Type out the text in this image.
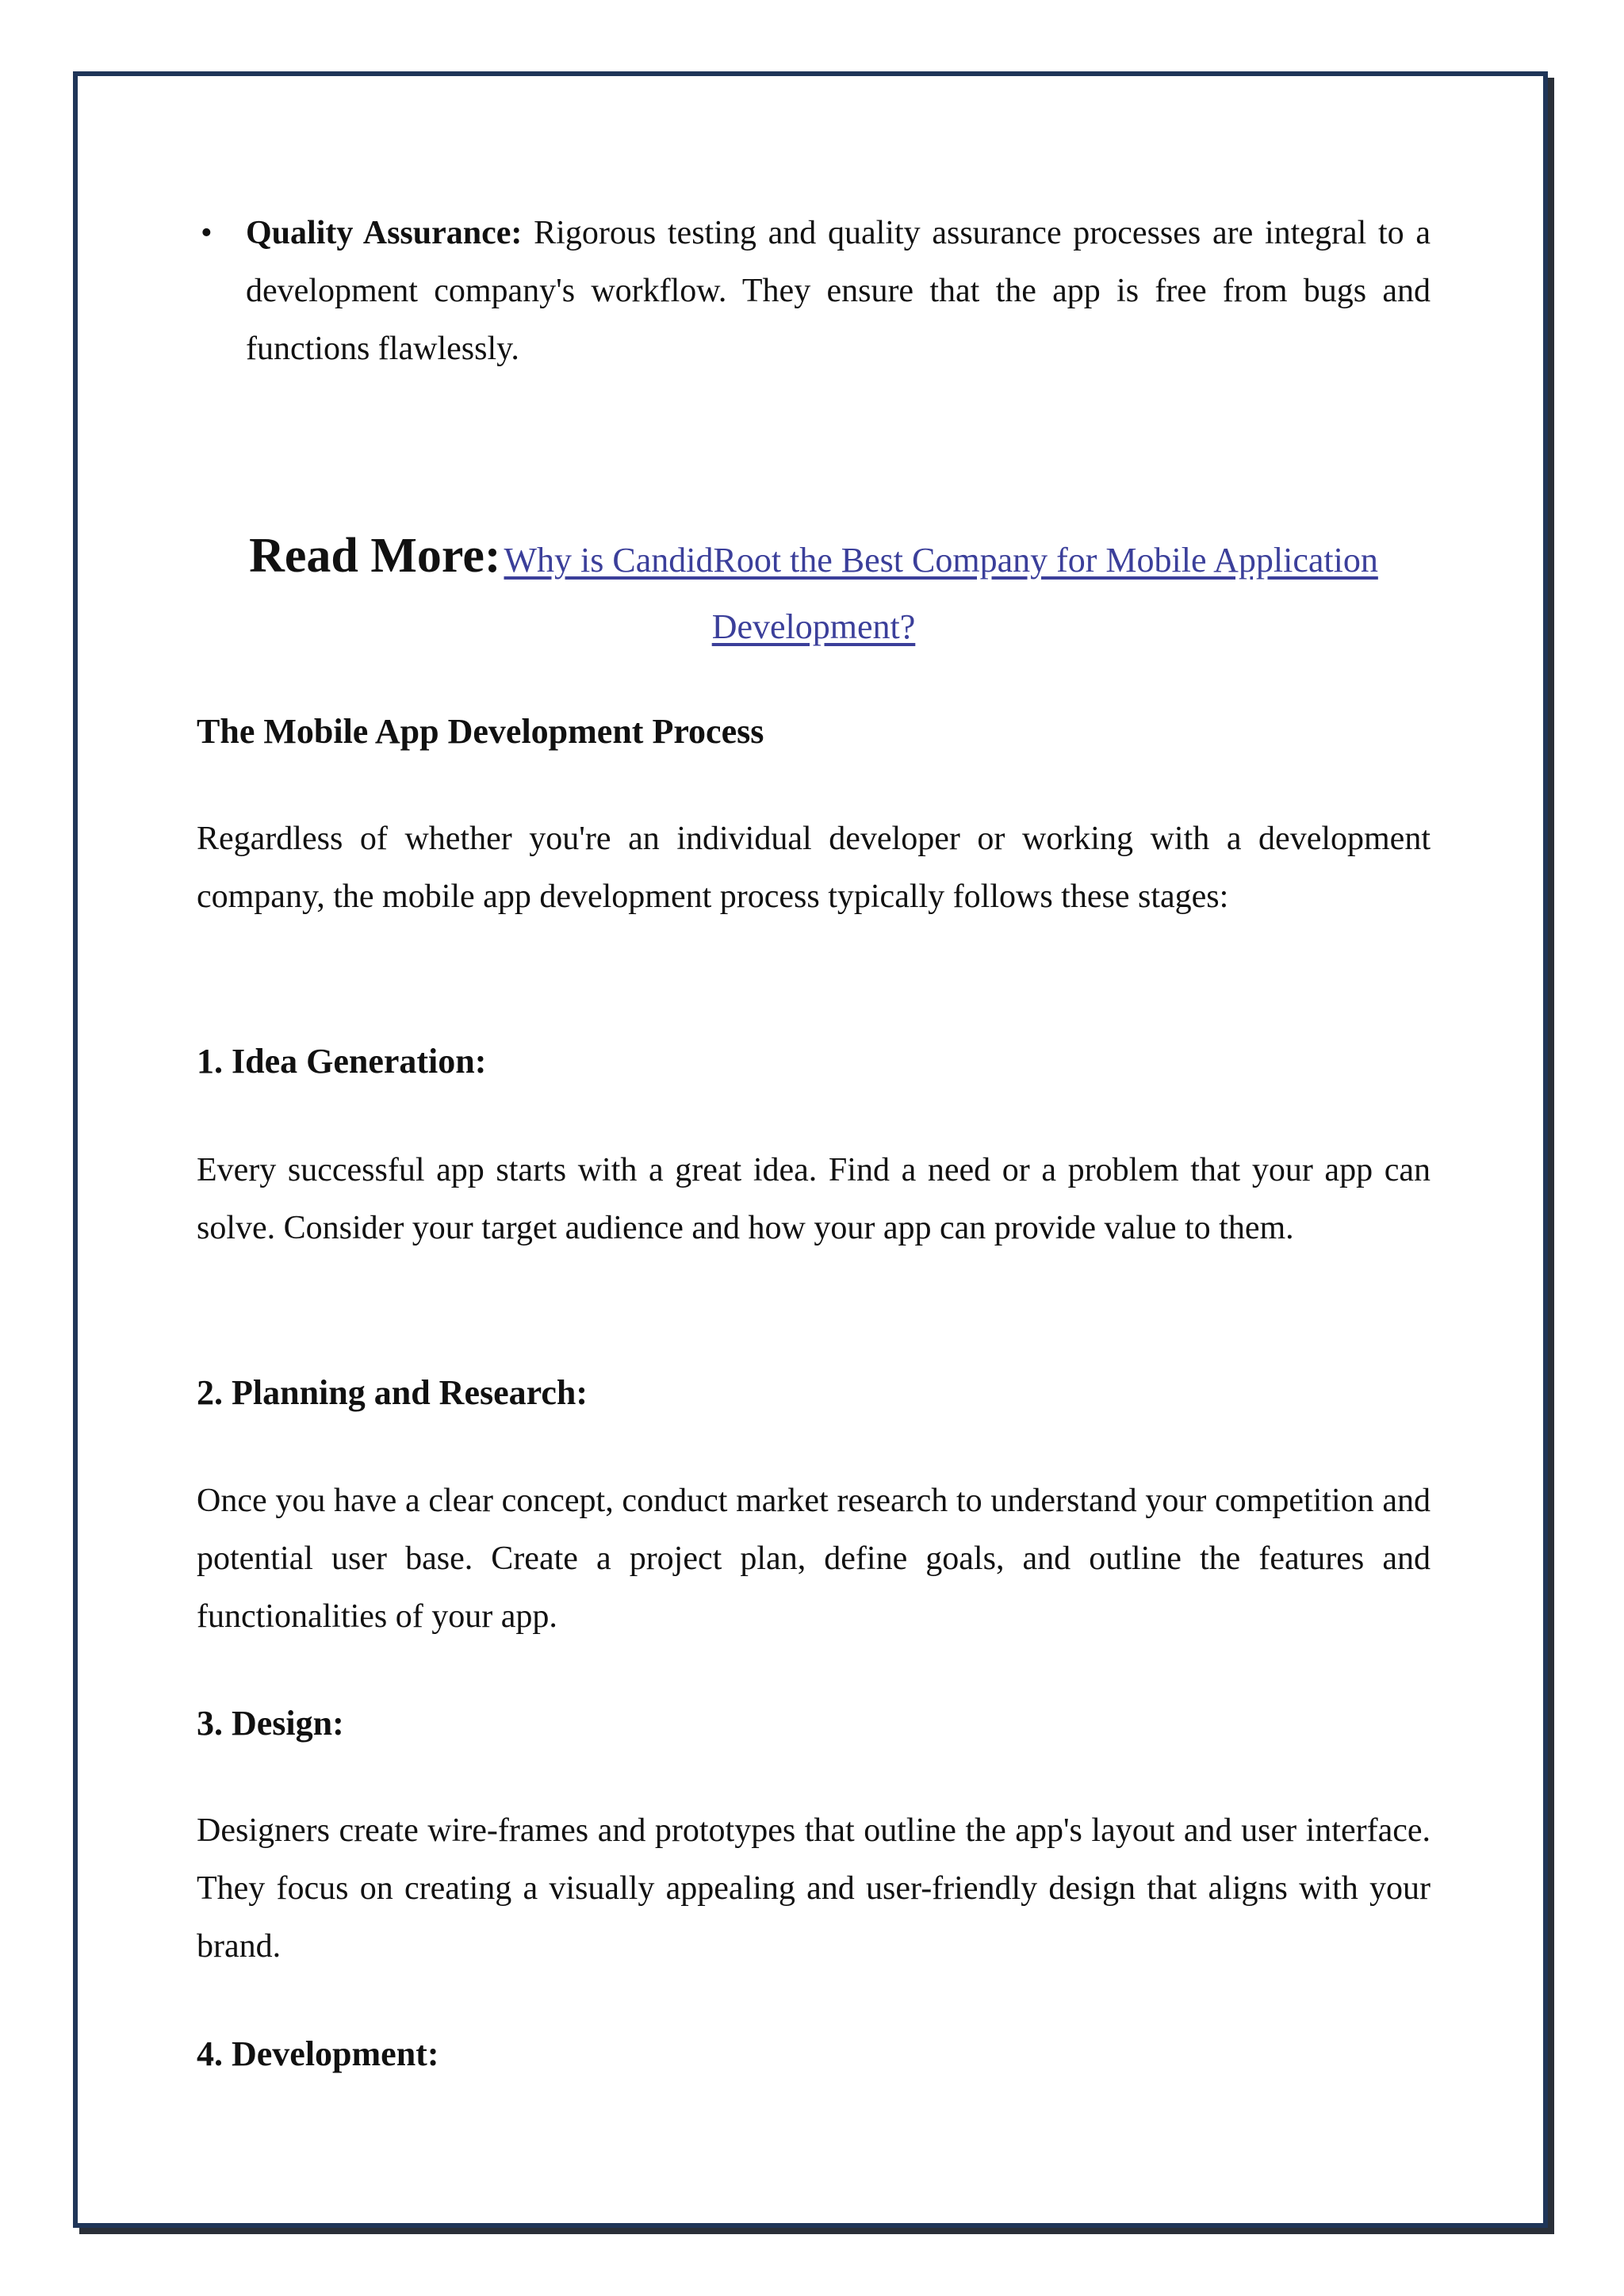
• Quality Assurance: Rigorous testing and quality assurance processes are integral to a development company's workflow. They ensure that the app is free from bugs and functions flawlessly.
Read More: Why is CandidRoot the Best Company for Mobile Application Development?
The Mobile App Development Process
Regardless of whether you're an individual developer or working with a development company, the mobile app development process typically follows these stages:
1. Idea Generation:
Every successful app starts with a great idea. Find a need or a problem that your app can solve. Consider your target audience and how your app can provide value to them.
2. Planning and Research:
Once you have a clear concept, conduct market research to understand your competition and potential user base. Create a project plan, define goals, and outline the features and functionalities of your app.
3. Design:
Designers create wire-frames and prototypes that outline the app's layout and user interface. They focus on creating a visually appealing and user-friendly design that aligns with your brand.
4. Development:
